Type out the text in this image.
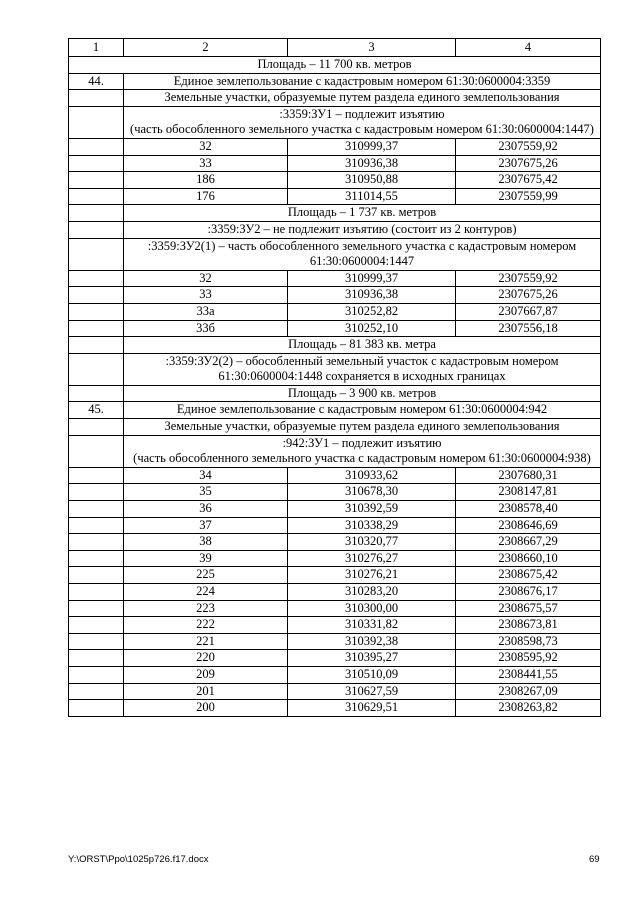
1	2	3	4
Площадь – 11 700 кв. метров			
44.	Единое землепользование с кадастровым номером 61:30:0600004:3359		
	Земельные участки, образуемые путем раздела единого землепользования		
	:3359:ЗУ1 – подлежит изъятию
(часть обособленного земельного участка с кадастровым номером 61:30:0600004:1447)		
	32	310999,37	2307559,92
	33	310936,38	2307675,26
	186	310950,88	2307675,42
	176	311014,55	2307559,99
	Площадь – 1 737 кв. метров		
	:3359:ЗУ2 – не подлежит изъятию (состоит из 2 контуров)		
	:3359:ЗУ2(1) – часть обособленного земельного участка с кадастровым номером 61:30:0600004:1447		
	32	310999,37	2307559,92
	33	310936,38	2307675,26
	33а	310252,82	2307667,87
	33б	310252,10	2307556,18
	Площадь – 81 383 кв. метра		
	:3359:ЗУ2(2) – обособленный земельный участок с кадастровым номером 61:30:0600004:1448 сохраняется в исходных границах		
	Площадь – 3 900 кв. метров		
45.	Единое землепользование с кадастровым номером 61:30:0600004:942		
	Земельные участки, образуемые путем раздела единого землепользования		
	:942:ЗУ1 – подлежит изъятию
(часть обособленного земельного участка с кадастровым номером 61:30:0600004:938)		
	34	310933,62	2307680,31
	35	310678,30	2308147,81
	36	310392,59	2308578,40
	37	310338,29	2308646,69
	38	310320,77	2308667,29
	39	310276,27	2308660,10
	225	310276,21	2308675,42
	224	310283,20	2308676,17
	223	310300,00	2308675,57
	222	310331,82	2308673,81
	221	310392,38	2308598,73
	220	310395,27	2308595,92
	209	310510,09	2308441,55
	201	310627,59	2308267,09
	200	310629,51	2308263,82
Y:\ORST\Ppo\1025p726.f17.docx	69
